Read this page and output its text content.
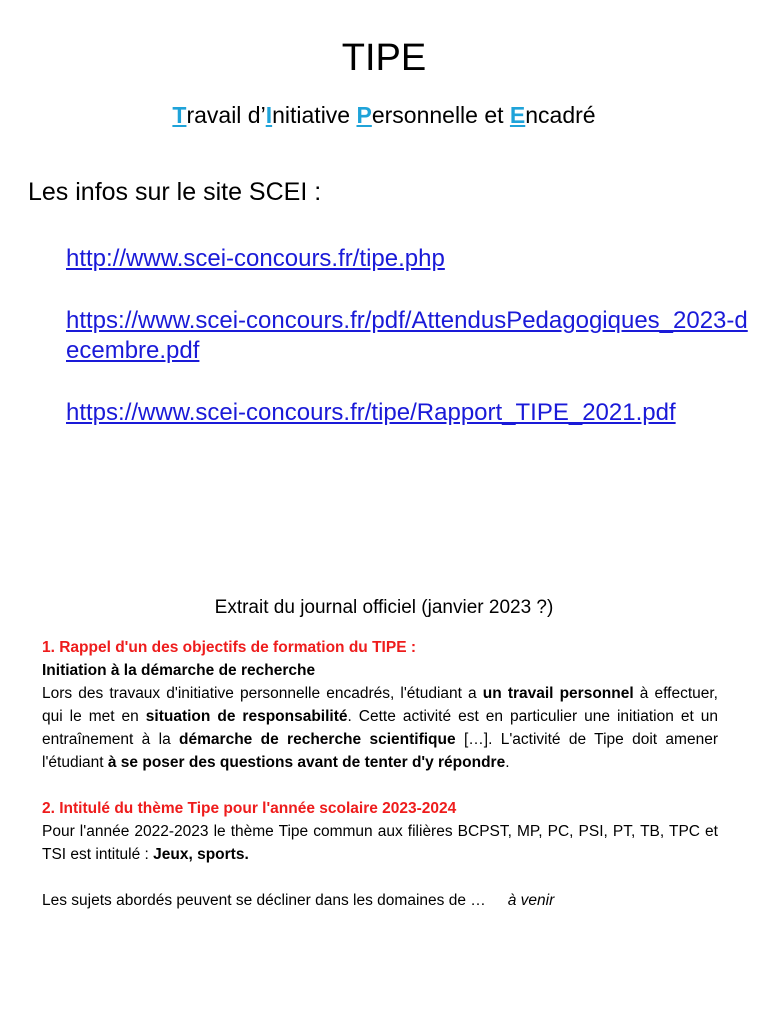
TIPE
Travail d’Initiative Personnelle et Encadré
Les infos sur le site SCEI :
http://www.scei-concours.fr/tipe.php
https://www.scei-concours.fr/pdf/AttendusPedagogiques_2023-decembre.pdf
https://www.scei-concours.fr/tipe/Rapport_TIPE_2021.pdf
Extrait du journal officiel (janvier 2023 ?)
1. Rappel d'un des objectifs de formation du TIPE :
Initiation à la démarche de recherche
Lors des travaux d'initiative personnelle encadrés, l'étudiant a un travail personnel à effectuer, qui le met en situation de responsabilité. Cette activité est en particulier une initiation et un entraînement à la démarche de recherche scientifique […]. L'activité de Tipe doit amener l'étudiant à se poser des questions avant de tenter d'y répondre.
2. Intitulé du thème Tipe pour l'année scolaire 2023-2024
Pour l'année 2022-2023 le thème Tipe commun aux filières BCPST, MP, PC, PSI, PT, TB, TPC et TSI est intitulé : Jeux, sports.
Les sujets abordés peuvent se décliner dans les domaines de … à venir
